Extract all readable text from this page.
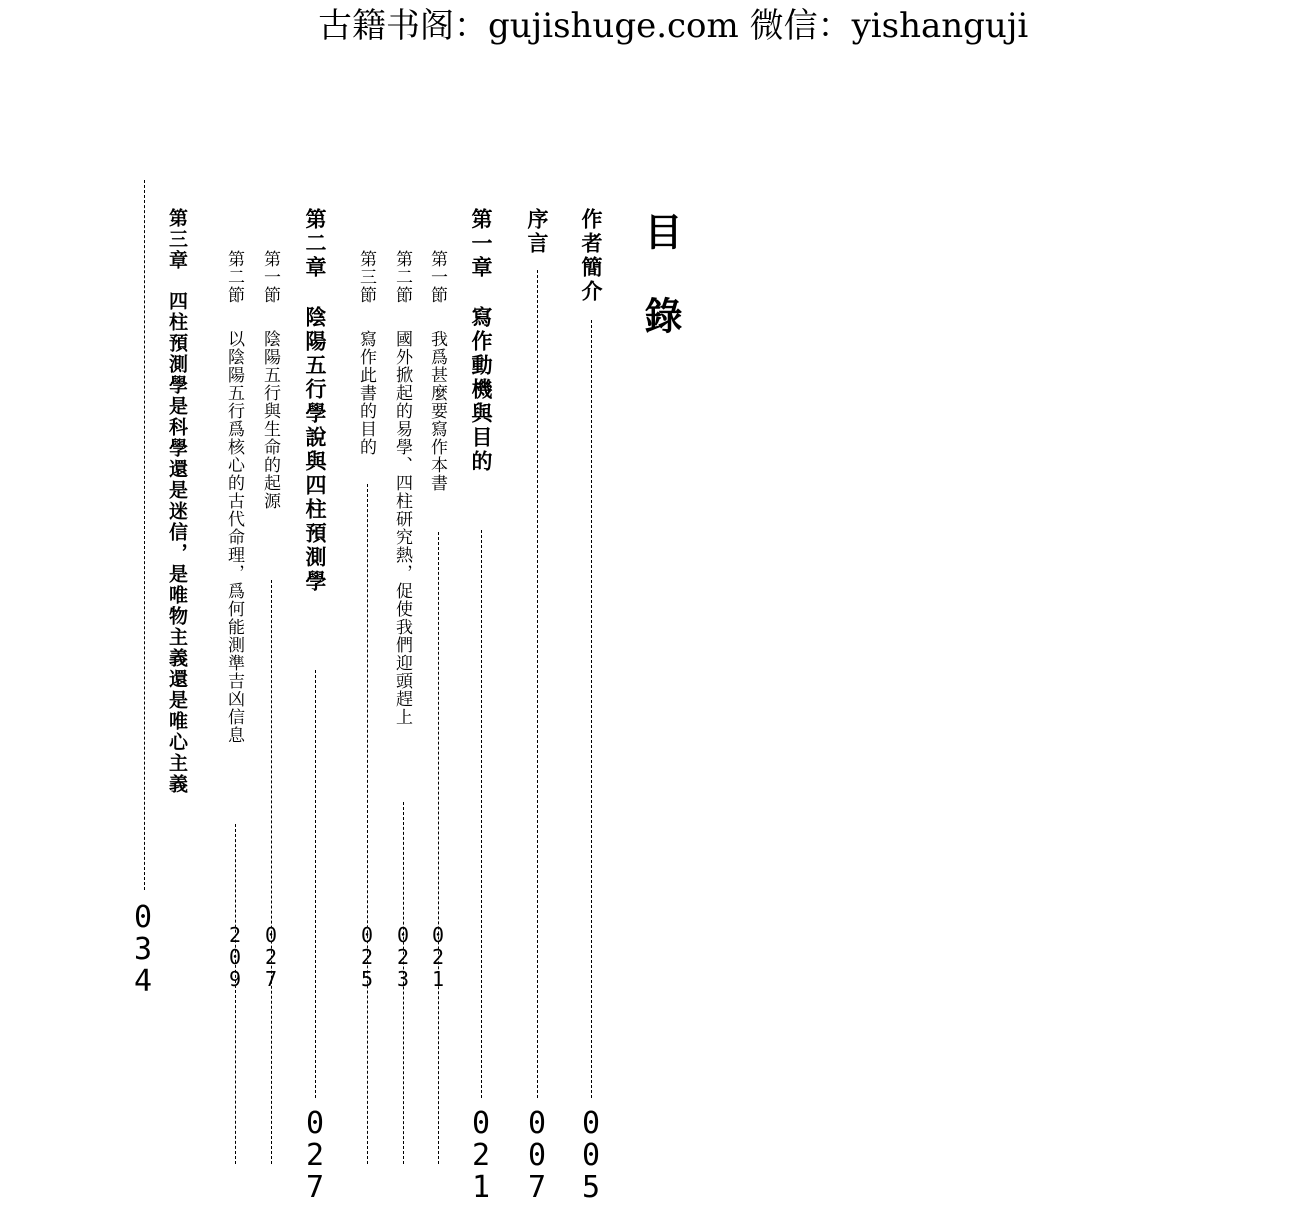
古籍书阁：gujishuge.com 微信：yishanguji
目錄
作者簡介
0
0
5
序言
0
0
7
第一章寫作動機與目的
0
2
1
第一節我爲甚麼要寫作本書
0
2
1
第二節國外掀起的易學、四柱研究熱，促使我們迎頭趕上
0
2
3
第三節寫作此書的目的
0
2
5
第二章陰陽五行學說與四柱預測學
0
2
7
第一節陰陽五行與生命的起源
0
2
7
第二節以陰陽五行爲核心的古代命理，爲何能測準吉凶信息
2
0
9
第三章四柱預測學是科學還是迷信，是唯物主義還是唯心主義
0
3
4
